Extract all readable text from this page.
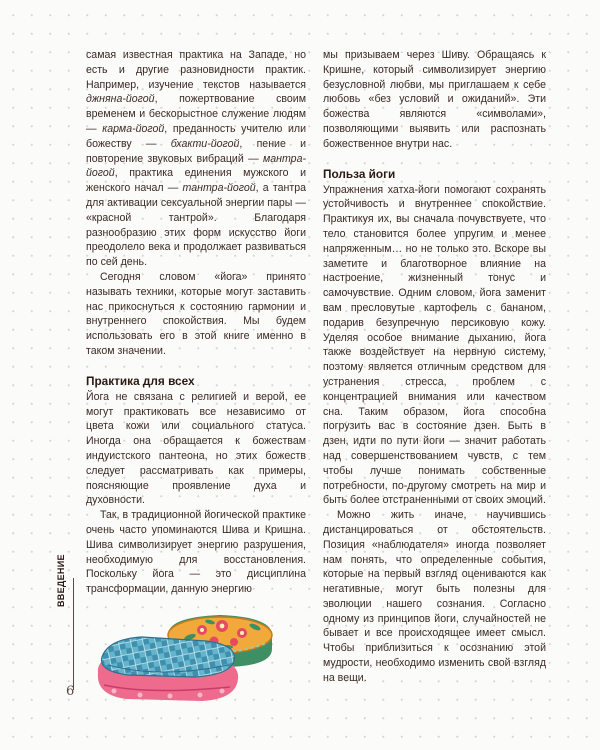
самая известная практика на Западе, но есть и другие разновидности практик. Например, изучение текстов называется джняна-йогой, пожертвование своим временем и бескорыстное служение людям — карма-йогой, преданность учителю или божеству — бхакти-йогой, пение и повторение звуковых вибраций — мантра-йогой, практика единения мужского и женского начал — тантра-йогой, а тантра для активации сексуальной энергии пары — «красной тантрой». Благодаря разнообразию этих форм искусство йоги преодолело века и продолжает развиваться по сей день.

Сегодня словом «йога» принято называть техники, которые могут заставить нас прикоснуться к состоянию гармонии и внутреннего спокойствия. Мы будем использовать его в этой книге именно в таком значении.

Практика для всех

Йога не связана с религией и верой, ее могут практиковать все независимо от цвета кожи или социального статуса. Иногда она обращается к божествам индуистского пантеона, но этих божеств следует рассматривать как примеры, поясняющие проявление духа и духовности.

Так, в традиционной йогической практике очень часто упоминаются Шива и Кришна. Шива символизирует энергию разрушения, необходимую для восстановления. Поскольку йога — это дисциплина трансформации, данную энергию

мы призываем через Шиву. Обращаясь к Кришне, который символизирует энергию безусловной любви, мы приглашаем к себе любовь «без условий и ожиданий». Эти божества являются «символами», позволяющими выявить или распознать божественное внутри нас.

Польза йоги

Упражнения хатха-йоги помогают сохранять устойчивость и внутреннее спокойствие. Практикуя их, вы сначала почувствуете, что тело становится более упругим и менее напряженным… но не только это. Вскоре вы заметите и благотворное влияние на настроение, жизненный тонус и самочувствие. Одним словом, йога заменит вам пресловутые картофель с бананом, подарив безупречную персиковую кожу. Уделяя особое внимание дыханию, йога также воздействует на нервную систему, поэтому является отличным средством для устранения стресса, проблем с концентрацией внимания или качеством сна. Таким образом, йога способна погрузить вас в состояние дзен. Быть в дзен, идти по пути йоги — значит работать над совершенствованием чувств, с тем чтобы лучше понимать собственные потребности, по-другому смотреть на мир и быть более отстраненными от своих эмоций.

Можно жить иначе, научившись дистанцироваться от обстоятельств. Позиция «наблюдателя» иногда позволяет нам понять, что определенные события, которые на первый взгляд оцениваются как негативные, могут быть полезны для эволюции нашего сознания. Согласно одному из принципов йоги, случайностей не бывает и все происходящее имеет смысл. Чтобы приблизиться к осознанию этой мудрости, необходимо изменить свой взгляд на вещи.

ВВЕДЕНИЕ
6
